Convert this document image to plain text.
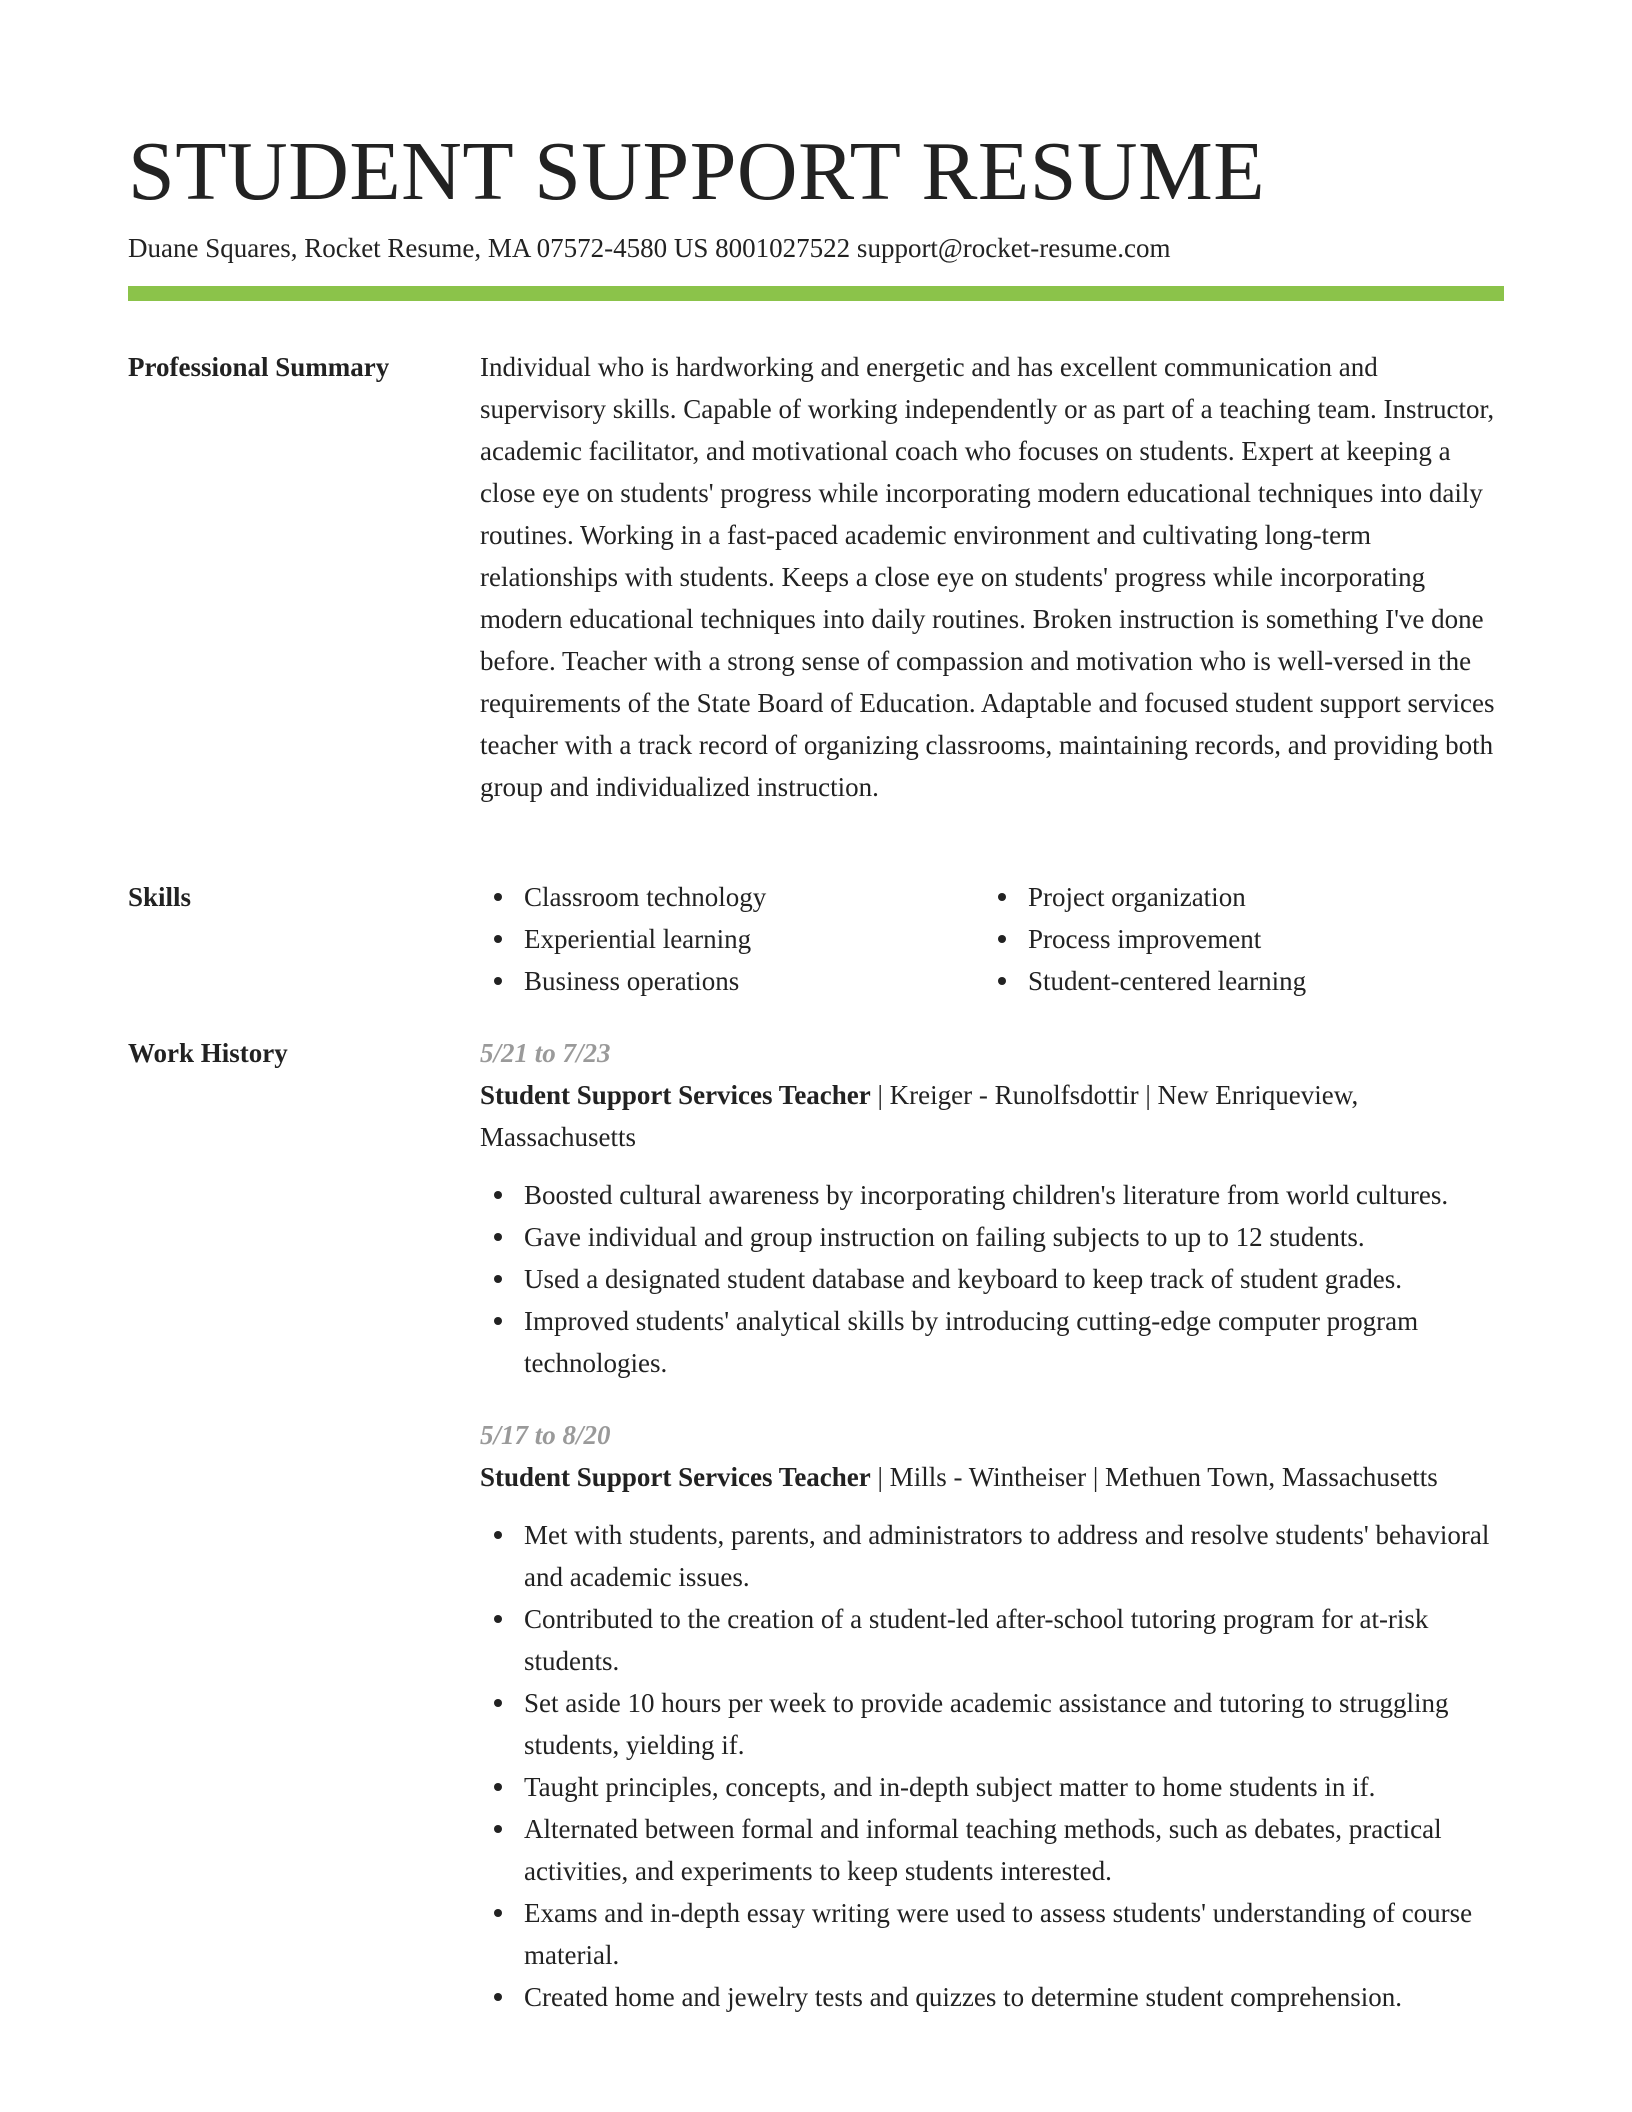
STUDENT SUPPORT RESUME
Duane Squares, Rocket Resume, MA 07572-4580 US 8001027522 support@rocket-resume.com
Professional Summary	Individual who is hardworking and energetic and has excellent communication and supervisory skills. Capable of working independently or as part of a teaching team. Instructor, academic facilitator, and motivational coach who focuses on students. Expert at keeping a close eye on students' progress while incorporating modern educational techniques into daily routines. Working in a fast-paced academic environment and cultivating long-term relationships with students. Keeps a close eye on students' progress while incorporating modern educational techniques into daily routines. Broken instruction is something I've done before. Teacher with a strong sense of compassion and motivation who is well-versed in the requirements of the State Board of Education. Adaptable and focused student support services teacher with a track record of organizing classrooms, maintaining records, and providing both group and individualized instruction.

Skills	Classroom technology
Experiential learning
Business operations
Project organization
Process improvement
Student-centered learning
Work History	5/21 to 7/23
Student Support Services Teacher | Kreiger - Runolfsdottir | New Enriqueview, Massachusetts
Boosted cultural awareness by incorporating children's literature from world cultures.
Gave individual and group instruction on failing subjects to up to 12 students.
Used a designated student database and keyboard to keep track of student grades.
Improved students' analytical skills by introducing cutting-edge computer program technologies.
5/17 to 8/20
Student Support Services Teacher | Mills - Wintheiser | Methuen Town, Massachusetts
Met with students, parents, and administrators to address and resolve students' behavioral and academic issues.
Contributed to the creation of a student-led after-school tutoring program for at-risk students.
Set aside 10 hours per week to provide academic assistance and tutoring to struggling students, yielding if.
Taught principles, concepts, and in-depth subject matter to home students in if.
Alternated between formal and informal teaching methods, such as debates, practical activities, and experiments to keep students interested.
Exams and in-depth essay writing were used to assess students' understanding of course material.
Created home and jewelry tests and quizzes to determine student comprehension.
